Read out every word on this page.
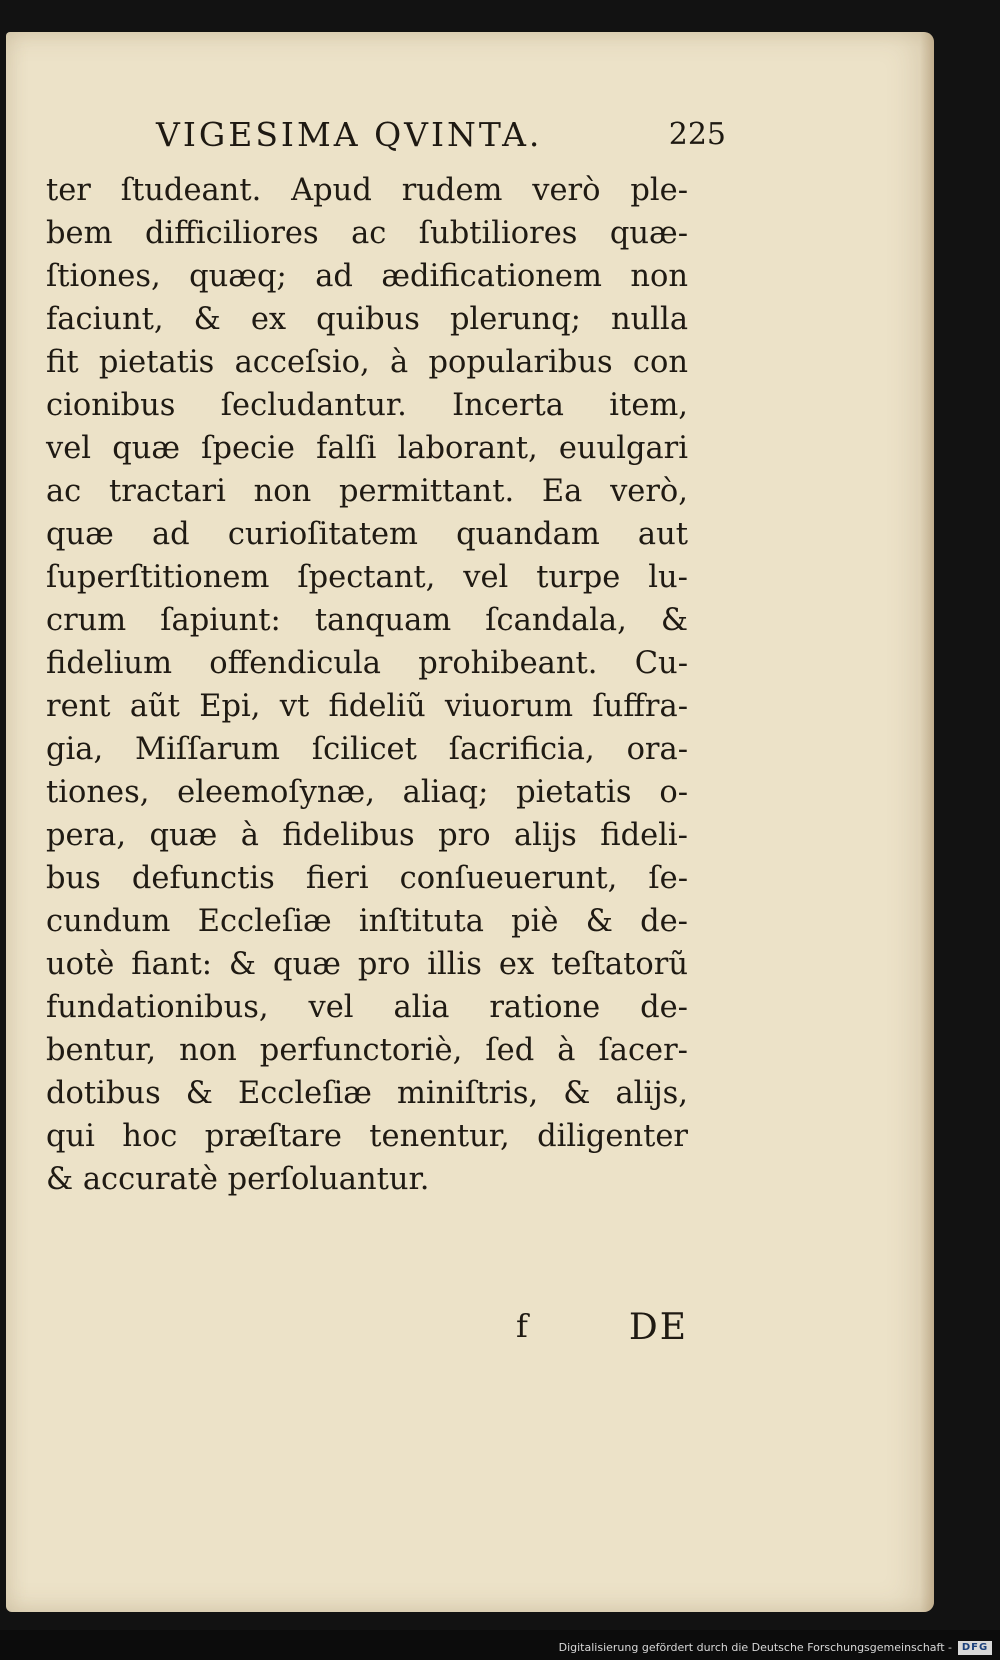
VIGESIMA QVINTA.	225
ter ſtudeant. Apud rudem verò ple-
bem difficiliores ac ſubtiliores quæ-
ſtiones, quæq; ad ædificationem non
faciunt, & ex quibus plerunq; nulla
fit pietatis acceſsio, à popularibus con
cionibus ſecludantur. Incerta item,
vel quæ ſpecie falſi laborant, euulgari
ac tractari non permittant. Ea verò,
quæ ad curioſitatem quandam aut
ſuperſtitionem ſpectant, vel turpe lu-
crum ſapiunt: tanquam ſcandala, &
fidelium offendicula prohibeant. Cu-
rent aũt Epi, vt fideliũ viuorum ſuffra-
gia, Miſſarum ſcilicet ſacrificia, ora-
tiones, eleemoſynæ, aliaq; pietatis o-
pera, quæ à fidelibus pro alijs fideli-
bus defunctis fieri conſueuerunt, ſe-
cundum Eccleſiæ inſtituta piè & de-
uotè fiant: & quæ pro illis ex teſtatorũ
fundationibus, vel alia ratione de-
bentur, non perfunctoriè, ſed à ſacer-
dotibus & Eccleſiæ miniſtris, & alijs,
qui hoc præſtare tenentur, diligenter
& accuratè perſoluantur.
f	DE
Digitalisierung gefördert durch die Deutsche Forschungsgemeinschaft - DFG
